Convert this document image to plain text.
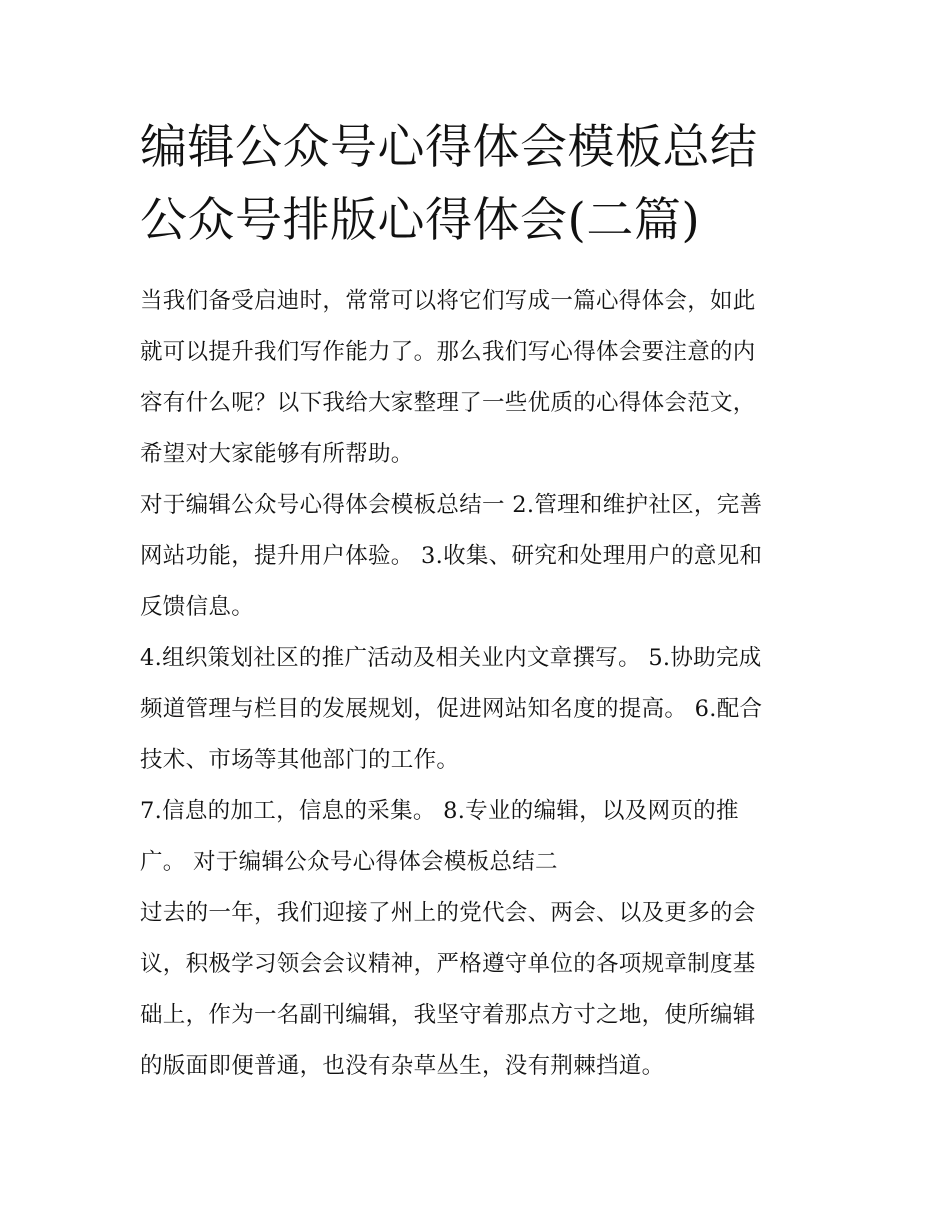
编辑公众号心得体会模板总结
公众号排版心得体会(二篇)
当我们备受启迪时，常常可以将它们写成一篇心得体会，如此
就可以提升我们写作能力了。那么我们写心得体会要注意的内
容有什么呢？以下我给大家整理了一些优质的心得体会范文，
希望对大家能够有所帮助。
对于编辑公众号心得体会模板总结一 2.管理和维护社区，完善
网站功能，提升用户体验。 3.收集、研究和处理用户的意见和
反馈信息。
4.组织策划社区的推广活动及相关业内文章撰写。 5.协助完成
频道管理与栏目的发展规划，促进网站知名度的提高。 6.配合
技术、市场等其他部门的工作。
7.信息的加工，信息的采集。 8.专业的编辑，以及网页的推
广。 对于编辑公众号心得体会模板总结二
过去的一年，我们迎接了州上的党代会、两会、以及更多的会
议，积极学习领会会议精神，严格遵守单位的各项规章制度基
础上，作为一名副刊编辑，我坚守着那点方寸之地，使所编辑
的版面即便普通，也没有杂草丛生，没有荆棘挡道。
